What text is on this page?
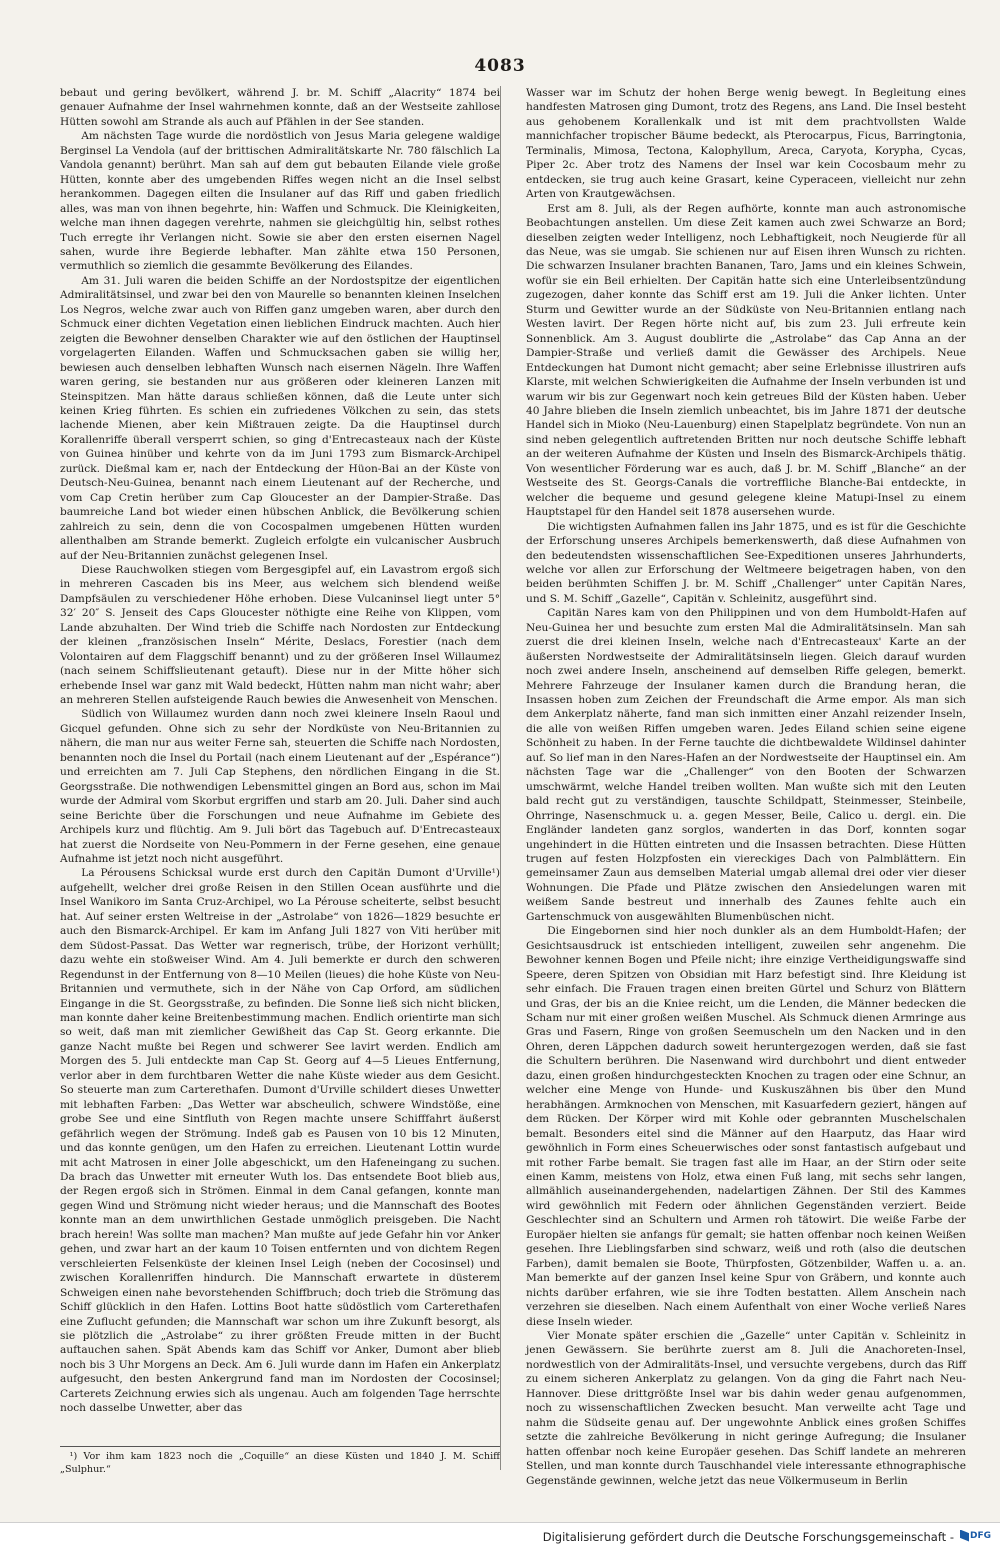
4083

bebaut und gering bevölkert, während J. br. M. Schiff „Alacrity“ 1874 bei genauer Aufnahme der Insel wahrnehmen konnte, daß an der Westseite zahllose Hütten sowohl am Strande als auch auf Pfählen in der See standen.

Am nächsten Tage wurde die nordöstlich von Jesus Maria gelegene waldige Berginsel La Vendola (auf der brittischen Admiralitätskarte Nr. 780 fälschlich La Vandola genannt) berührt. Man sah auf dem gut bebauten Eilande viele große Hütten, konnte aber des umgebenden Riffes wegen nicht an die Insel selbst herankommen. Dagegen eilten die Insulaner auf das Riff und gaben friedlich alles, was man von ihnen begehrte, hin: Waffen und Schmuck. Die Kleinigkeiten, welche man ihnen dagegen verehrte, nahmen sie gleichgültig hin, selbst rothes Tuch erregte ihr Verlangen nicht. Sowie sie aber den ersten eisernen Nagel sahen, wurde ihre Begierde lebhafter. Man zählte etwa 150 Personen, vermuthlich so ziemlich die gesammte Bevölkerung des Eilandes.

Am 31. Juli waren die beiden Schiffe an der Nordostspitze der eigentlichen Admiralitätsinsel, und zwar bei den von Maurelle so benannten kleinen Inselchen Los Negros, welche zwar auch von Riffen ganz umgeben waren, aber durch den Schmuck einer dichten Vegetation einen lieblichen Eindruck machten. Auch hier zeigten die Bewohner denselben Charakter wie auf den östlichen der Hauptinsel vorgelagerten Eilanden. Waffen und Schmucksachen gaben sie willig her, bewiesen auch denselben lebhaften Wunsch nach eisernen Nägeln. Ihre Waffen waren gering, sie bestanden nur aus größeren oder kleineren Lanzen mit Steinspitzen. Man hätte daraus schließen können, daß die Leute unter sich keinen Krieg führten. Es schien ein zufriedenes Völkchen zu sein, das stets lachende Mienen, aber kein Mißtrauen zeigte. Da die Hauptinsel durch Korallenriffe überall versperrt schien, so ging d'Entrecasteaux nach der Küste von Guinea hinüber und kehrte von da im Juni 1793 zum Bismarck-Archipel zurück. Dießmal kam er, nach der Entdeckung der Hüon-Bai an der Küste von Deutsch-Neu-Guinea, benannt nach einem Lieutenant auf der Recherche, und vom Cap Cretin herüber zum Cap Gloucester an der Dampier-Straße. Das baumreiche Land bot wieder einen hübschen Anblick, die Bevölkerung schien zahlreich zu sein, denn die von Cocospalmen umgebenen Hütten wurden allenthalben am Strande bemerkt. Zugleich erfolgte ein vulcanischer Ausbruch auf der Neu-Britannien zunächst gelegenen Insel.

Diese Rauchwolken stiegen vom Bergesgipfel auf, ein Lavastrom ergoß sich in mehreren Cascaden bis ins Meer, aus welchem sich blendend weiße Dampfsäulen zu verschiedener Höhe erhoben. Diese Vulcaninsel liegt unter 5° 32′ 20″ S. Jenseit des Caps Gloucester nöthigte eine Reihe von Klippen, vom Lande abzuhalten. Der Wind trieb die Schiffe nach Nordosten zur Entdeckung der kleinen „französischen Inseln“ Mérite, Deslacs, Forestier (nach dem Volontairen auf dem Flaggschiff benannt) und zu der größeren Insel Willaumez (nach seinem Schiffslieutenant getauft). Diese nur in der Mitte höher sich erhebende Insel war ganz mit Wald bedeckt, Hütten nahm man nicht wahr; aber an mehreren Stellen aufsteigende Rauch bewies die Anwesenheit von Menschen.

Südlich von Willaumez wurden dann noch zwei kleinere Inseln Raoul und Gicquel gefunden. Ohne sich zu sehr der Nordküste von Neu-Britannien zu nähern, die man nur aus weiter Ferne sah, steuerten die Schiffe nach Nordosten, benannten noch die Insel du Portail (nach einem Lieutenant auf der „Espérance“) und erreichten am 7. Juli Cap Stephens, den nördlichen Eingang in die St. Georgsstraße. Die nothwendigen Lebensmittel gingen an Bord aus, schon im Mai wurde der Admiral vom Skorbut ergriffen und starb am 20. Juli. Daher sind auch seine Berichte über die Forschungen und neue Aufnahme im Gebiete des Archipels kurz und flüchtig. Am 9. Juli bört das Tagebuch auf. D'Entrecasteaux hat zuerst die Nordseite von Neu-Pommern in der Ferne gesehen, eine genaue Aufnahme ist jetzt noch nicht ausgeführt.

La Pérousens Schicksal wurde erst durch den Capitän Dumont d'Urville¹) aufgehellt, welcher drei große Reisen in den Stillen Ocean ausführte und die Insel Wanikoro im Santa Cruz-Archipel, wo La Pérouse scheiterte, selbst besucht hat. Auf seiner ersten Weltreise in der „Astrolabe“ von 1826—1829 besuchte er auch den Bismarck-Archipel. Er kam im Anfang Juli 1827 von Viti herüber mit dem Südost-Passat. Das Wetter war regnerisch, trübe, der Horizont verhüllt; dazu wehte ein stoßweiser Wind. Am 4. Juli bemerkte er durch den schweren Regendunst in der Entfernung von 8—10 Meilen (lieues) die hohe Küste von Neu-Britannien und vermuthete, sich in der Nähe von Cap Orford, am südlichen Eingange in die St. Georgsstraße, zu befinden. Die Sonne ließ sich nicht blicken, man konnte daher keine Breitenbestimmung machen. Endlich orientirte man sich so weit, daß man mit ziemlicher Gewißheit das Cap St. Georg erkannte. Die ganze Nacht mußte bei Regen und schwerer See lavirt werden. Endlich am Morgen des 5. Juli entdeckte man Cap St. Georg auf 4—5 Lieues Entfernung, verlor aber in dem furchtbaren Wetter die nahe Küste wieder aus dem Gesicht. So steuerte man zum Carterethafen. Dumont d'Urville schildert dieses Unwetter mit lebhaften Farben: „Das Wetter war abscheulich, schwere Windstöße, eine grobe See und eine Sintfluth von Regen machte unsere Schifffahrt äußerst gefährlich wegen der Strömung. Indeß gab es Pausen von 10 bis 12 Minuten, und das konnte genügen, um den Hafen zu erreichen. Lieutenant Lottin wurde mit acht Matrosen in einer Jolle abgeschickt, um den Hafeneingang zu suchen. Da brach das Unwetter mit erneuter Wuth los. Das entsendete Boot blieb aus, der Regen ergoß sich in Strömen. Einmal in dem Canal gefangen, konnte man gegen Wind und Strömung nicht wieder heraus; und die Mannschaft des Bootes konnte man an dem unwirthlichen Gestade unmöglich preisgeben. Die Nacht brach herein! Was sollte man machen? Man mußte auf jede Gefahr hin vor Anker gehen, und zwar hart an der kaum 10 Toisen entfernten und von dichtem Regen verschleierten Felsenküste der kleinen Insel Leigh (neben der Cocosinsel) und zwischen Korallenriffen hindurch. Die Mannschaft erwartete in düsterem Schweigen einen nahe bevorstehenden Schiffbruch; doch trieb die Strömung das Schiff glücklich in den Hafen. Lottins Boot hatte südöstlich vom Carterethafen eine Zuflucht gefunden; die Mannschaft war schon um ihre Zukunft besorgt, als sie plötzlich die „Astrolabe“ zu ihrer größten Freude mitten in der Bucht auftauchen sahen. Spät Abends kam das Schiff vor Anker, Dumont aber blieb noch bis 3 Uhr Morgens an Deck. Am 6. Juli wurde dann im Hafen ein Ankerplatz aufgesucht, den besten Ankergrund fand man im Nordosten der Cocosinsel; Carterets Zeichnung erwies sich als ungenau. Auch am folgenden Tage herrschte noch dasselbe Unwetter, aber das

¹) Vor ihm kam 1823 noch die „Coquille“ an diese Küsten und 1840 J. M. Schiff „Sulphur.“

Wasser war im Schutz der hohen Berge wenig bewegt. In Begleitung eines handfesten Matrosen ging Dumont, trotz des Regens, ans Land. Die Insel besteht aus gehobenem Korallenkalk und ist mit dem prachtvollsten Walde mannichfacher tropischer Bäume bedeckt, als Pterocarpus, Ficus, Barringtonia, Terminalis, Mimosa, Tectona, Kalophyllum, Areca, Caryota, Korypha, Cycas, Piper 2c. Aber trotz des Namens der Insel war kein Cocosbaum mehr zu entdecken, sie trug auch keine Grasart, keine Cyperaceen, vielleicht nur zehn Arten von Krautgewächsen.

Erst am 8. Juli, als der Regen aufhörte, konnte man auch astronomische Beobachtungen anstellen. Um diese Zeit kamen auch zwei Schwarze an Bord; dieselben zeigten weder Intelligenz, noch Lebhaftigkeit, noch Neugierde für all das Neue, was sie umgab. Sie schienen nur auf Eisen ihren Wunsch zu richten. Die schwarzen Insulaner brachten Bananen, Taro, Jams und ein kleines Schwein, wofür sie ein Beil erhielten. Der Capitän hatte sich eine Unterleibsentzündung zugezogen, daher konnte das Schiff erst am 19. Juli die Anker lichten. Unter Sturm und Gewitter wurde an der Südküste von Neu-Britannien entlang nach Westen lavirt. Der Regen hörte nicht auf, bis zum 23. Juli erfreute kein Sonnenblick. Am 3. August doublirte die „Astrolabe“ das Cap Anna an der Dampier-Straße und verließ damit die Gewässer des Archipels. Neue Entdeckungen hat Dumont nicht gemacht; aber seine Erlebnisse illustriren aufs Klarste, mit welchen Schwierigkeiten die Aufnahme der Inseln verbunden ist und warum wir bis zur Gegenwart noch kein getreues Bild der Küsten haben. Ueber 40 Jahre blieben die Inseln ziemlich unbeachtet, bis im Jahre 1871 der deutsche Handel sich in Mioko (Neu-Lauenburg) einen Stapelplatz begründete. Von nun an sind neben gelegentlich auftretenden Britten nur noch deutsche Schiffe lebhaft an der weiteren Aufnahme der Küsten und Inseln des Bismarck-Archipels thätig. Von wesentlicher Förderung war es auch, daß J. br. M. Schiff „Blanche“ an der Westseite des St. Georgs-Canals die vortreffliche Blanche-Bai entdeckte, in welcher die bequeme und gesund gelegene kleine Matupi-Insel zu einem Hauptstapel für den Handel seit 1878 ausersehen wurde.

Die wichtigsten Aufnahmen fallen ins Jahr 1875, und es ist für die Geschichte der Erforschung unseres Archipels bemerkenswerth, daß diese Aufnahmen von den bedeutendsten wissenschaftlichen See-Expeditionen unseres Jahrhunderts, welche vor allen zur Erforschung der Weltmeere beigetragen haben, von den beiden berühmten Schiffen J. br. M. Schiff „Challenger“ unter Capitän Nares, und S. M. Schiff „Gazelle“, Capitän v. Schleinitz, ausgeführt sind.

Capitän Nares kam von den Philippinen und von dem Humboldt-Hafen auf Neu-Guinea her und besuchte zum ersten Mal die Admiralitätsinseln. Man sah zuerst die drei kleinen Inseln, welche nach d'Entrecasteaux' Karte an der äußersten Nordwestseite der Admiralitätsinseln liegen. Gleich darauf wurden noch zwei andere Inseln, anscheinend auf demselben Riffe gelegen, bemerkt. Mehrere Fahrzeuge der Insulaner kamen durch die Brandung heran, die Insassen hoben zum Zeichen der Freundschaft die Arme empor. Als man sich dem Ankerplatz näherte, fand man sich inmitten einer Anzahl reizender Inseln, die alle von weißen Riffen umgeben waren. Jedes Eiland schien seine eigene Schönheit zu haben. In der Ferne tauchte die dichtbewaldete Wildinsel dahinter auf. So lief man in den Nares-Hafen an der Nordwestseite der Hauptinsel ein. Am nächsten Tage war die „Challenger“ von den Booten der Schwarzen umschwärmt, welche Handel treiben wollten. Man wußte sich mit den Leuten bald recht gut zu verständigen, tauschte Schildpatt, Steinmesser, Steinbeile, Ohrringe, Nasenschmuck u. a. gegen Messer, Beile, Calico u. dergl. ein. Die Engländer landeten ganz sorglos, wanderten in das Dorf, konnten sogar ungehindert in die Hütten eintreten und die Insassen betrachten. Diese Hütten trugen auf festen Holzpfosten ein viereckiges Dach von Palmblättern. Ein gemeinsamer Zaun aus demselben Material umgab allemal drei oder vier dieser Wohnungen. Die Pfade und Plätze zwischen den Ansiedelungen waren mit weißem Sande bestreut und innerhalb des Zaunes fehlte auch ein Gartenschmuck von ausgewählten Blumenbüschen nicht.

Die Eingebornen sind hier noch dunkler als an dem Humboldt-Hafen; der Gesichtsausdruck ist entschieden intelligent, zuweilen sehr angenehm. Die Bewohner kennen Bogen und Pfeile nicht; ihre einzige Vertheidigungswaffe sind Speere, deren Spitzen von Obsidian mit Harz befestigt sind. Ihre Kleidung ist sehr einfach. Die Frauen tragen einen breiten Gürtel und Schurz von Blättern und Gras, der bis an die Kniee reicht, um die Lenden, die Männer bedecken die Scham nur mit einer großen weißen Muschel. Als Schmuck dienen Armringe aus Gras und Fasern, Ringe von großen Seemuscheln um den Nacken und in den Ohren, deren Läppchen dadurch soweit heruntergezogen werden, daß sie fast die Schultern berühren. Die Nasenwand wird durchbohrt und dient entweder dazu, einen großen hindurchgesteckten Knochen zu tragen oder eine Schnur, an welcher eine Menge von Hunde- und Kuskuszähnen bis über den Mund herabhängen. Armknochen von Menschen, mit Kasuarfedern geziert, hängen auf dem Rücken. Der Körper wird mit Kohle oder gebrannten Muschelschalen bemalt. Besonders eitel sind die Männer auf den Haarputz, das Haar wird gewöhnlich in Form eines Scheuerwisches oder sonst fantastisch aufgebaut und mit rother Farbe bemalt. Sie tragen fast alle im Haar, an der Stirn oder seite einen Kamm, meistens von Holz, etwa einen Fuß lang, mit sechs sehr langen, allmählich auseinandergehenden, nadelartigen Zähnen. Der Stil des Kammes wird gewöhnlich mit Federn oder ähnlichen Gegenständen verziert. Beide Geschlechter sind an Schultern und Armen roh tätowirt. Die weiße Farbe der Europäer hielten sie anfangs für gemalt; sie hatten offenbar noch keinen Weißen gesehen. Ihre Lieblingsfarben sind schwarz, weiß und roth (also die deutschen Farben), damit bemalen sie Boote, Thürpfosten, Götzenbilder, Waffen u. a. an. Man bemerkte auf der ganzen Insel keine Spur von Gräbern, und konnte auch nichts darüber erfahren, wie sie ihre Todten bestatten. Allem Anschein nach verzehren sie dieselben. Nach einem Aufenthalt von einer Woche verließ Nares diese Inseln wieder.

Vier Monate später erschien die „Gazelle“ unter Capitän v. Schleinitz in jenen Gewässern. Sie berührte zuerst am 8. Juli die Anachoreten-Insel, nordwestlich von der Admiralitäts-Insel, und versuchte vergebens, durch das Riff zu einem sicheren Ankerplatz zu gelangen. Von da ging die Fahrt nach Neu-Hannover. Diese drittgrößte Insel war bis dahin weder genau aufgenommen, noch zu wissenschaftlichen Zwecken besucht. Man verweilte acht Tage und nahm die Südseite genau auf. Der ungewohnte Anblick eines großen Schiffes setzte die zahlreiche Bevölkerung in nicht geringe Aufregung; die Insulaner hatten offenbar noch keine Europäer gesehen. Das Schiff landete an mehreren Stellen, und man konnte durch Tauschhandel viele interessante ethnographische Gegenstände gewinnen, welche jetzt das neue Völkermuseum in Berlin

Digitalisierung gefördert durch die Deutsche Forschungsgemeinschaft - DFG
